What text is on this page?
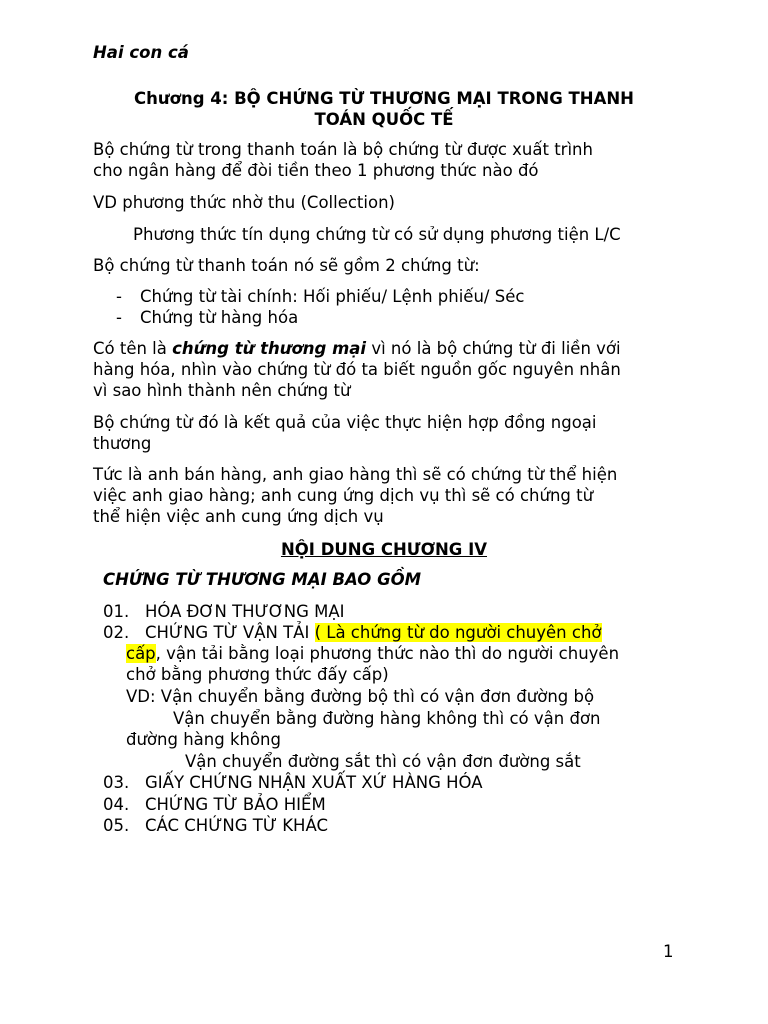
Hai con cá
Chương 4: BỘ CHỨNG TỪ THƯƠNG MẠI TRONG THANH
TOÁN QUỐC TẾ
Bộ chứng từ trong thanh toán là bộ chứng từ được xuất trình
cho ngân hàng để đòi tiền theo 1 phương thức nào đó
VD phương thức nhờ thu (Collection)
Phương thức tín dụng chứng từ có sử dụng phương tiện L/C
Bộ chứng từ thanh toán nó sẽ gồm 2 chứng từ:
- Chứng từ tài chính: Hối phiếu/ Lệnh phiếu/ Séc
- Chứng từ hàng hóa
Có tên là chứng từ thương mại vì nó là bộ chứng từ đi liền với
hàng hóa, nhìn vào chứng từ đó ta biết nguồn gốc nguyên nhân
vì sao hình thành nên chứng từ
Bộ chứng từ đó là kết quả của việc thực hiện hợp đồng ngoại
thương
Tức là anh bán hàng, anh giao hàng thì sẽ có chứng từ thể hiện
việc anh giao hàng; anh cung ứng dịch vụ thì sẽ có chứng từ
thể hiện việc anh cung ứng dịch vụ
NỘI DUNG CHƯƠNG IV
CHỨNG TỪ THƯƠNG MẠI BAO GỒM
01. HÓA ĐƠN THƯƠNG MẠI
02. CHỨNG TỪ VẬN TẢI ( Là chứng từ do người chuyên chở
cấp, vận tải bằng loại phương thức nào thì do người chuyên
chở bằng phương thức đấy cấp)
VD: Vận chuyển bằng đường bộ thì có vận đơn đường bộ
Vận chuyển bằng đường hàng không thì có vận đơn
đường hàng không
Vận chuyển đường sắt thì có vận đơn đường sắt
03. GIẤY CHỨNG NHẬN XUẤT XỨ HÀNG HÓA
04. CHỨNG TỪ BẢO HIỂM
05. CÁC CHỨNG TỪ KHÁC
1
